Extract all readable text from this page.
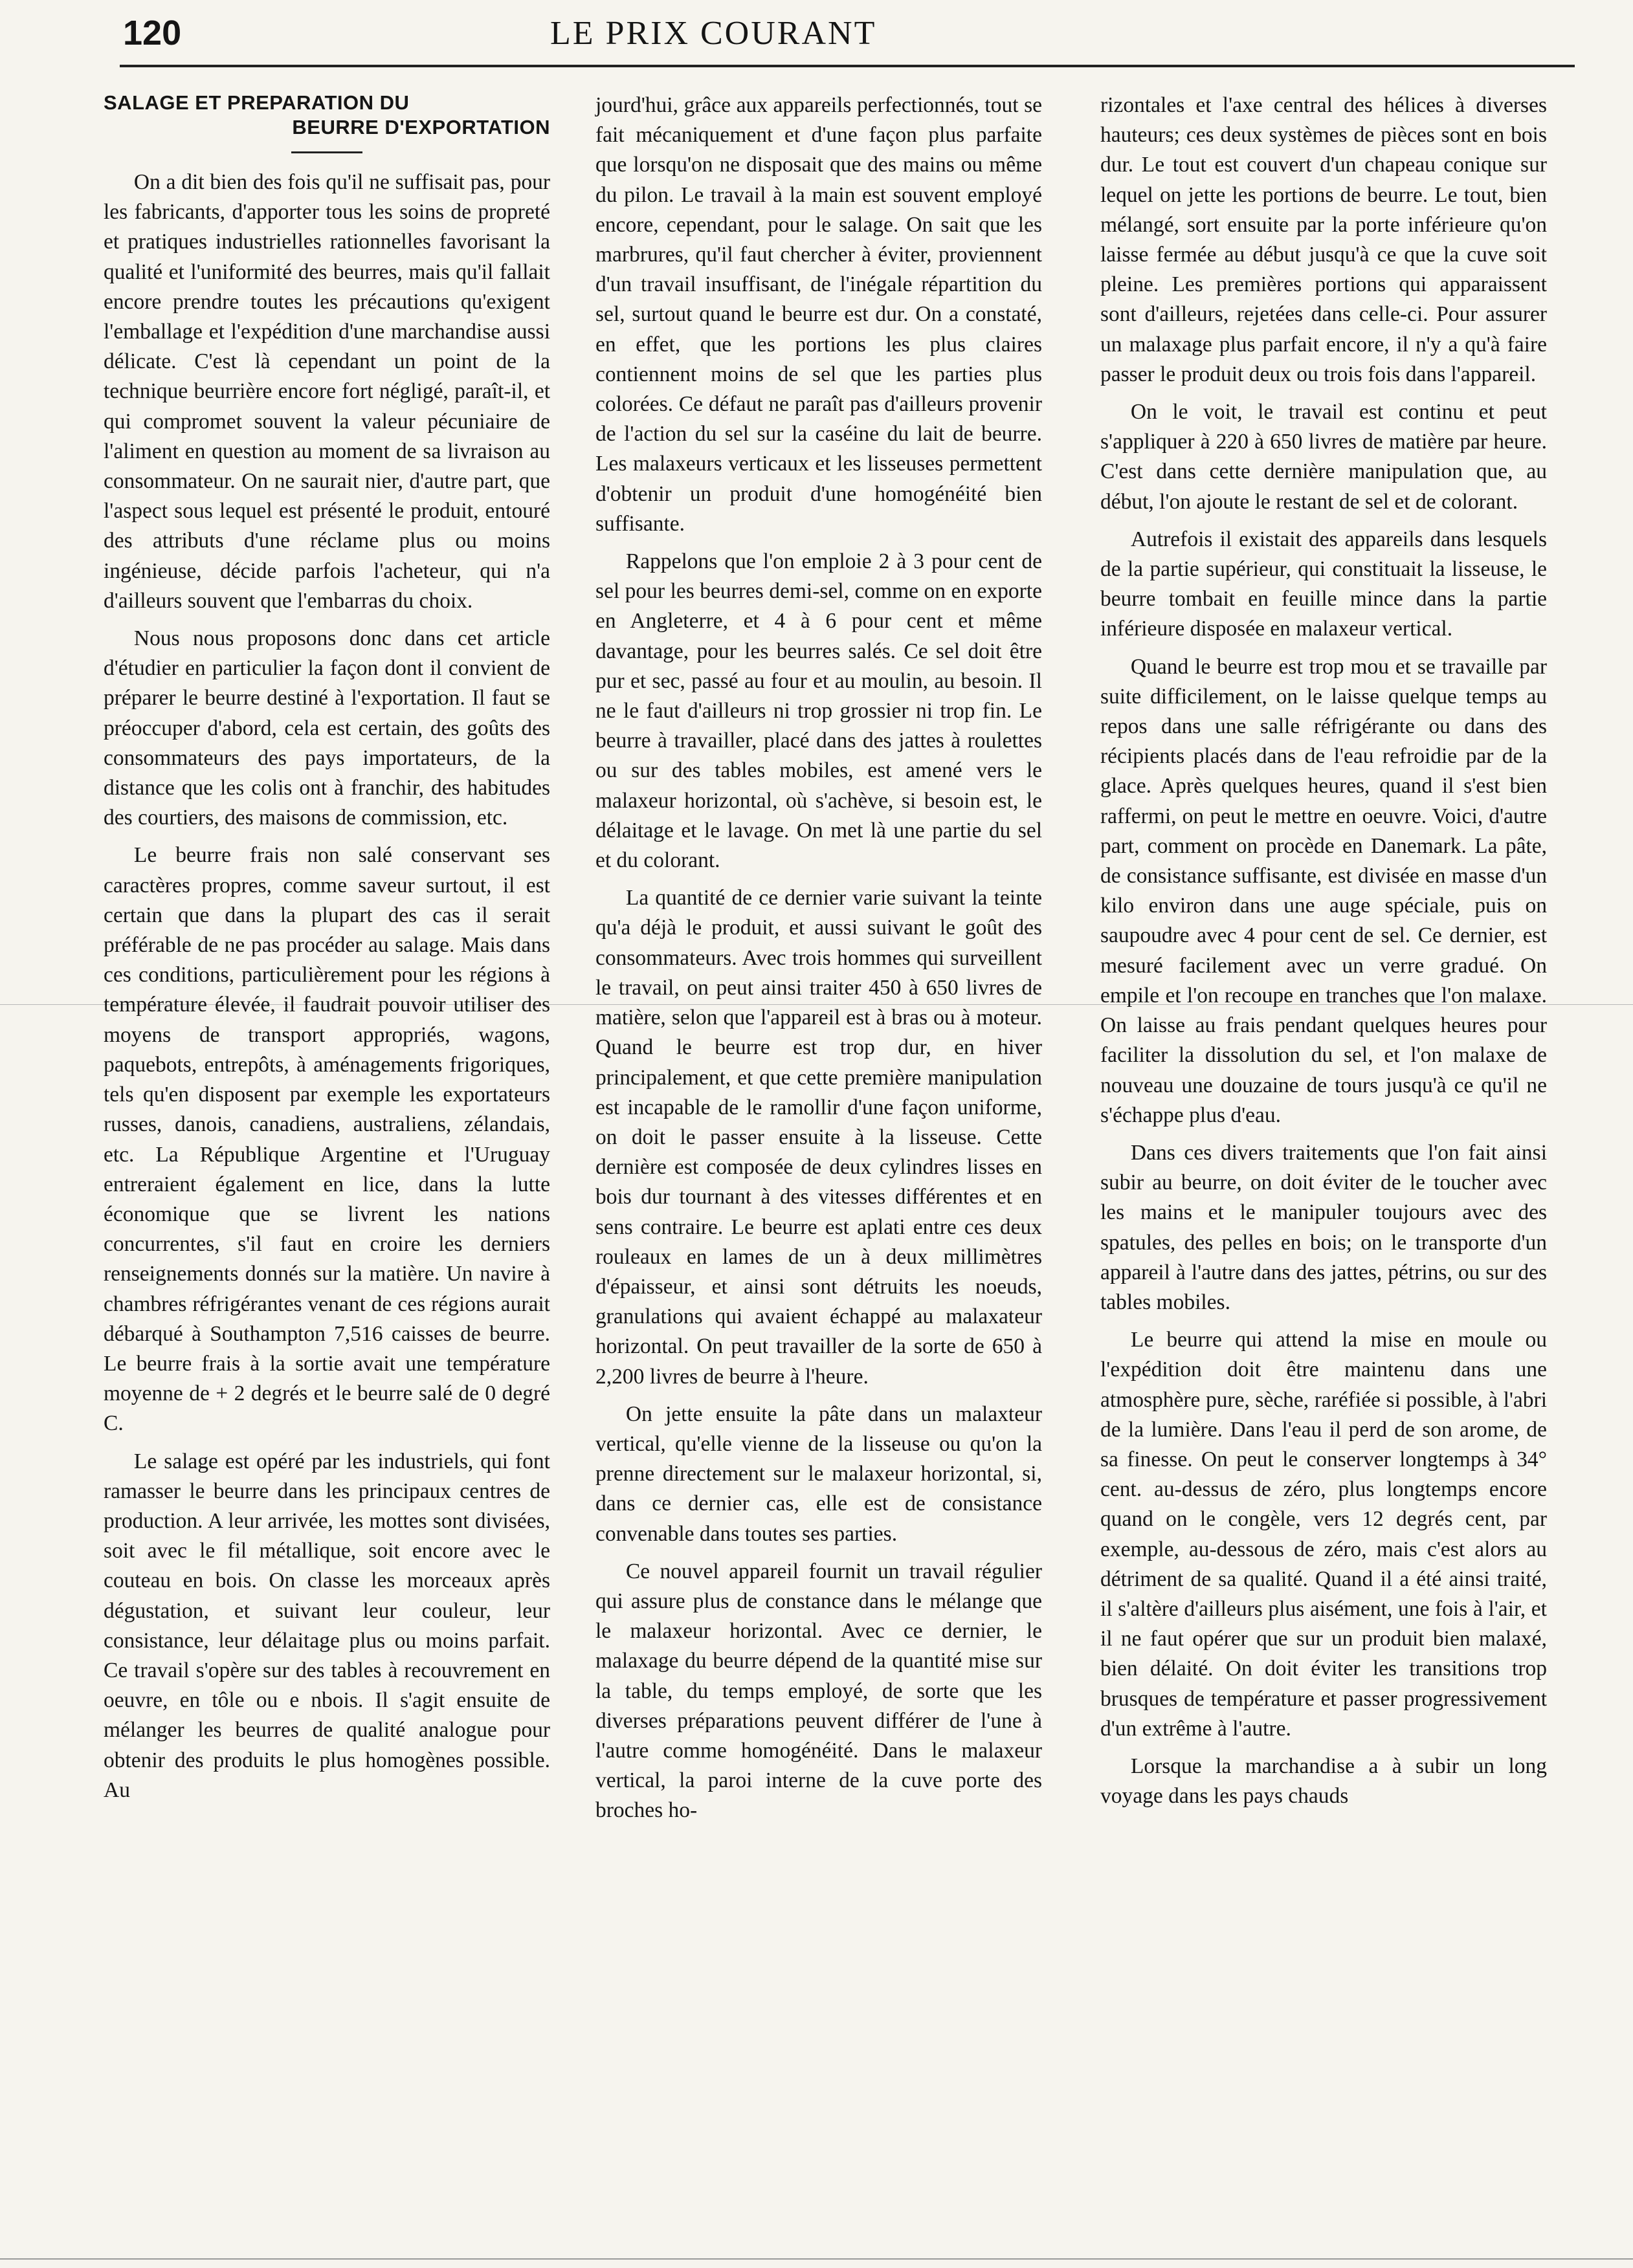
120	LE PRIX COURANT
SALAGE ET PREPARATION DU
BEURRE D'EXPORTATION

On a dit bien des fois qu'il ne suffisait pas, pour les fabricants, d'apporter tous les soins de propreté et pratiques industrielles rationnelles favorisant la qualité et l'uniformité des beurres, mais qu'il fallait encore prendre toutes les précautions qu'exigent l'emballage et l'expédition d'une marchandise aussi délicate. C'est là cependant un point de la technique beurrière encore fort négligé, paraît-il, et qui compromet souvent la valeur pécuniaire de l'aliment en question au moment de sa livraison au consommateur. On ne saurait nier, d'autre part, que l'aspect sous lequel est présenté le produit, entouré des attributs d'une réclame plus ou moins ingénieuse, décide parfois l'acheteur, qui n'a d'ailleurs souvent que l'embarras du choix.

Nous nous proposons donc dans cet article d'étudier en particulier la façon dont il convient de préparer le beurre destiné à l'exportation. Il faut se préoccuper d'abord, cela est certain, des goûts des consommateurs des pays importateurs, de la distance que les colis ont à franchir, des habitudes des courtiers, des maisons de commission, etc.

Le beurre frais non salé conservant ses caractères propres, comme saveur surtout, il est certain que dans la plupart des cas il serait préférable de ne pas procéder au salage. Mais dans ces conditions, particulièrement pour les régions à température élevée, il faudrait pouvoir utiliser des moyens de transport appropriés, wagons, paquebots, entrepôts, à aménagements frigoriques, tels qu'en disposent par exemple les exportateurs russes, danois, canadiens, australiens, zélandais, etc. La République Argentine et l'Uruguay entreraient également en lice, dans la lutte économique que se livrent les nations concurrentes, s'il faut en croire les derniers renseignements donnés sur la matière. Un navire à chambres réfrigérantes venant de ces régions aurait débarqué à Southampton 7,516 caisses de beurre. Le beurre frais à la sortie avait une température moyenne de + 2 degrés et le beurre salé de 0 degré C.

Le salage est opéré par les industriels, qui font ramasser le beurre dans les principaux centres de production. A leur arrivée, les mottes sont divisées, soit avec le fil métallique, soit encore avec le couteau en bois. On classe les morceaux après dégustation, et suivant leur couleur, leur consistance, leur délaitage plus ou moins parfait. Ce travail s'opère sur des tables à recouvrement en oeuvre, en tôle ou e nbois. Il s'agit ensuite de mélanger les beurres de qualité analogue pour obtenir des produits le plus homogènes possible. Au

jourd'hui, grâce aux appareils perfectionnés, tout se fait mécaniquement et d'une façon plus parfaite que lorsqu'on ne disposait que des mains ou même du pilon. Le travail à la main est souvent employé encore, cependant, pour le salage. On sait que les marbrures, qu'il faut chercher à éviter, proviennent d'un travail insuffisant, de l'inégale répartition du sel, surtout quand le beurre est dur. On a constaté, en effet, que les portions les plus claires contiennent moins de sel que les parties plus colorées. Ce défaut ne paraît pas d'ailleurs provenir de l'action du sel sur la caséine du lait de beurre. Les malaxeurs verticaux et les lisseuses permettent d'obtenir un produit d'une homogénéité bien suffisante.

Rappelons que l'on emploie 2 à 3 pour cent de sel pour les beurres demi-sel, comme on en exporte en Angleterre, et 4 à 6 pour cent et même davantage, pour les beurres salés. Ce sel doit être pur et sec, passé au four et au moulin, au besoin. Il ne le faut d'ailleurs ni trop grossier ni trop fin. Le beurre à travailler, placé dans des jattes à roulettes ou sur des tables mobiles, est amené vers le malaxeur horizontal, où s'achève, si besoin est, le délaitage et le lavage. On met là une partie du sel et du colorant.

La quantité de ce dernier varie suivant la teinte qu'a déjà le produit, et aussi suivant le goût des consommateurs. Avec trois hommes qui surveillent le travail, on peut ainsi traiter 450 à 650 livres de matière, selon que l'appareil est à bras ou à moteur. Quand le beurre est trop dur, en hiver principalement, et que cette première manipulation est incapable de le ramollir d'une façon uniforme, on doit le passer ensuite à la lisseuse. Cette dernière est composée de deux cylindres lisses en bois dur tournant à des vitesses différentes et en sens contraire. Le beurre est aplati entre ces deux rouleaux en lames de un à deux millimètres d'épaisseur, et ainsi sont détruits les noeuds, granulations qui avaient échappé au malaxateur horizontal. On peut travailler de la sorte de 650 à 2,200 livres de beurre à l'heure.

On jette ensuite la pâte dans un malaxteur vertical, qu'elle vienne de la lisseuse ou qu'on la prenne directement sur le malaxeur horizontal, si, dans ce dernier cas, elle est de consistance convenable dans toutes ses parties.

Ce nouvel appareil fournit un travail régulier qui assure plus de constance dans le mélange que le malaxeur horizontal. Avec ce dernier, le malaxage du beurre dépend de la quantité mise sur la table, du temps employé, de sorte que les diverses préparations peuvent différer de l'une à l'autre comme homogénéité. Dans le malaxeur vertical, la paroi interne de la cuve porte des broches ho-

rizontales et l'axe central des hélices à diverses hauteurs; ces deux systèmes de pièces sont en bois dur. Le tout est couvert d'un chapeau conique sur lequel on jette les portions de beurre. Le tout, bien mélangé, sort ensuite par la porte inférieure qu'on laisse fermée au début jusqu'à ce que la cuve soit pleine. Les premières portions qui apparaissent sont d'ailleurs, rejetées dans celle-ci. Pour assurer un malaxage plus parfait encore, il n'y a qu'à faire passer le produit deux ou trois fois dans l'appareil.

On le voit, le travail est continu et peut s'appliquer à 220 à 650 livres de matière par heure. C'est dans cette dernière manipulation que, au début, l'on ajoute le restant de sel et de colorant.

Autrefois il existait des appareils dans lesquels de la partie supérieur, qui constituait la lisseuse, le beurre tombait en feuille mince dans la partie inférieure disposée en malaxeur vertical.

Quand le beurre est trop mou et se travaille par suite difficilement, on le laisse quelque temps au repos dans une salle réfrigérante ou dans des récipients placés dans de l'eau refroidie par de la glace. Après quelques heures, quand il s'est bien raffermi, on peut le mettre en oeuvre. Voici, d'autre part, comment on procède en Danemark. La pâte, de consistance suffisante, est divisée en masse d'un kilo environ dans une auge spéciale, puis on saupoudre avec 4 pour cent de sel. Ce dernier, est mesuré facilement avec un verre gradué. On empile et l'on recoupe en tranches que l'on malaxe. On laisse au frais pendant quelques heures pour faciliter la dissolution du sel, et l'on malaxe de nouveau une douzaine de tours jusqu'à ce qu'il ne s'échappe plus d'eau.

Dans ces divers traitements que l'on fait ainsi subir au beurre, on doit éviter de le toucher avec les mains et le manipuler toujours avec des spatules, des pelles en bois; on le transporte d'un appareil à l'autre dans des jattes, pétrins, ou sur des tables mobiles.

Le beurre qui attend la mise en moule ou l'expédition doit être maintenu dans une atmosphère pure, sèche, raréfiée si possible, à l'abri de la lumière. Dans l'eau il perd de son arome, de sa finesse. On peut le conserver longtemps à 34° cent. au-dessus de zéro, plus longtemps encore quand on le congèle, vers 12 degrés cent, par exemple, au-dessous de zéro, mais c'est alors au détriment de sa qualité. Quand il a été ainsi traité, il s'altère d'ailleurs plus aisément, une fois à l'air, et il ne faut opérer que sur un produit bien malaxé, bien délaité. On doit éviter les transitions trop brusques de température et passer progressivement d'un extrême à l'autre.

Lorsque la marchandise a à subir un long voyage dans les pays chauds
